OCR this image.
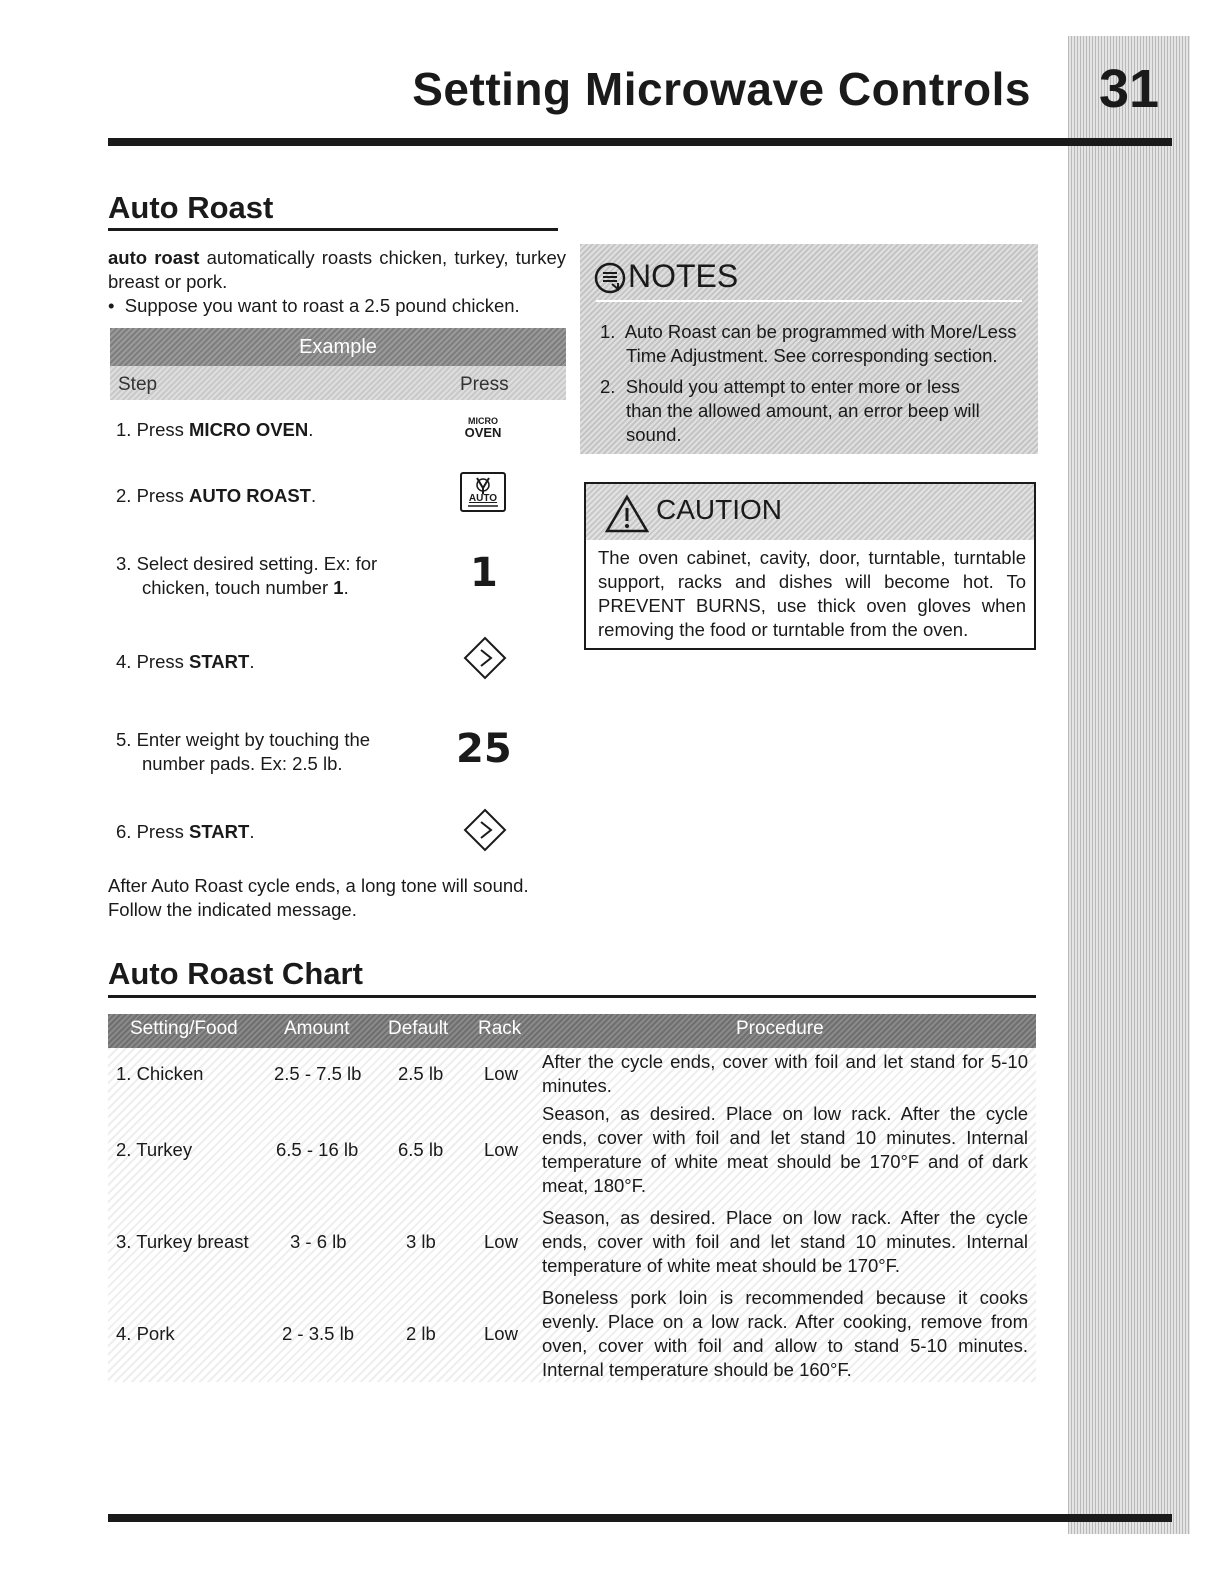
Setting Microwave Controls	31
Auto Roast
auto roast automatically roasts chicken, turkey, turkey breast or pork.
•  Suppose you want to roast a 2.5 pound chicken.
Example
Step	Press
1. Press MICRO OVEN.	MICRO
OVEN
2. Press AUTO ROAST.	AUTO
3. Select desired setting. Ex: for
chicken, touch number 1.	1
4. Press START.
5. Enter weight by touching the
number pads. Ex: 2.5 lb.	25
6. Press START.
After Auto Roast cycle ends, a long tone will sound.
Follow the indicated message.
NOTES
1. Auto Roast can be programmed with More/Less
Time Adjustment. See corresponding section.
2. Should you attempt to enter more or less
than the allowed amount, an error beep will
sound.
CAUTION
The oven cabinet, cavity, door, turntable, turntable support, racks and dishes will become hot. To PREVENT BURNS, use thick oven gloves when removing the food or turntable from the oven.
Auto Roast Chart
Setting/Food Amount Default Rack	Procedure
1. Chicken	2.5 - 7.5 lb 2.5 lb Low
After the cycle ends, cover with foil and let stand for 5-10 minutes.
2. Turkey	6.5 - 16 lb 6.5 lb Low
Season, as desired. Place on low rack. After the cycle ends, cover with foil and let stand 10 minutes. Internal temperature of white meat should be 170°F and of dark meat, 180°F.
3. Turkey breast 3 - 6 lb	3 lb	Low
Season, as desired. Place on low rack. After the cycle ends, cover with foil and let stand 10 minutes. Internal temperature of white meat should be 170°F.
4. Pork	2 - 3.5 lb	2 lb	Low
Boneless pork loin is recommended because it cooks evenly. Place on a low rack. After cooking, remove from oven, cover with foil and allow to stand 5-10 minutes. Internal temperature should be 160°F.
